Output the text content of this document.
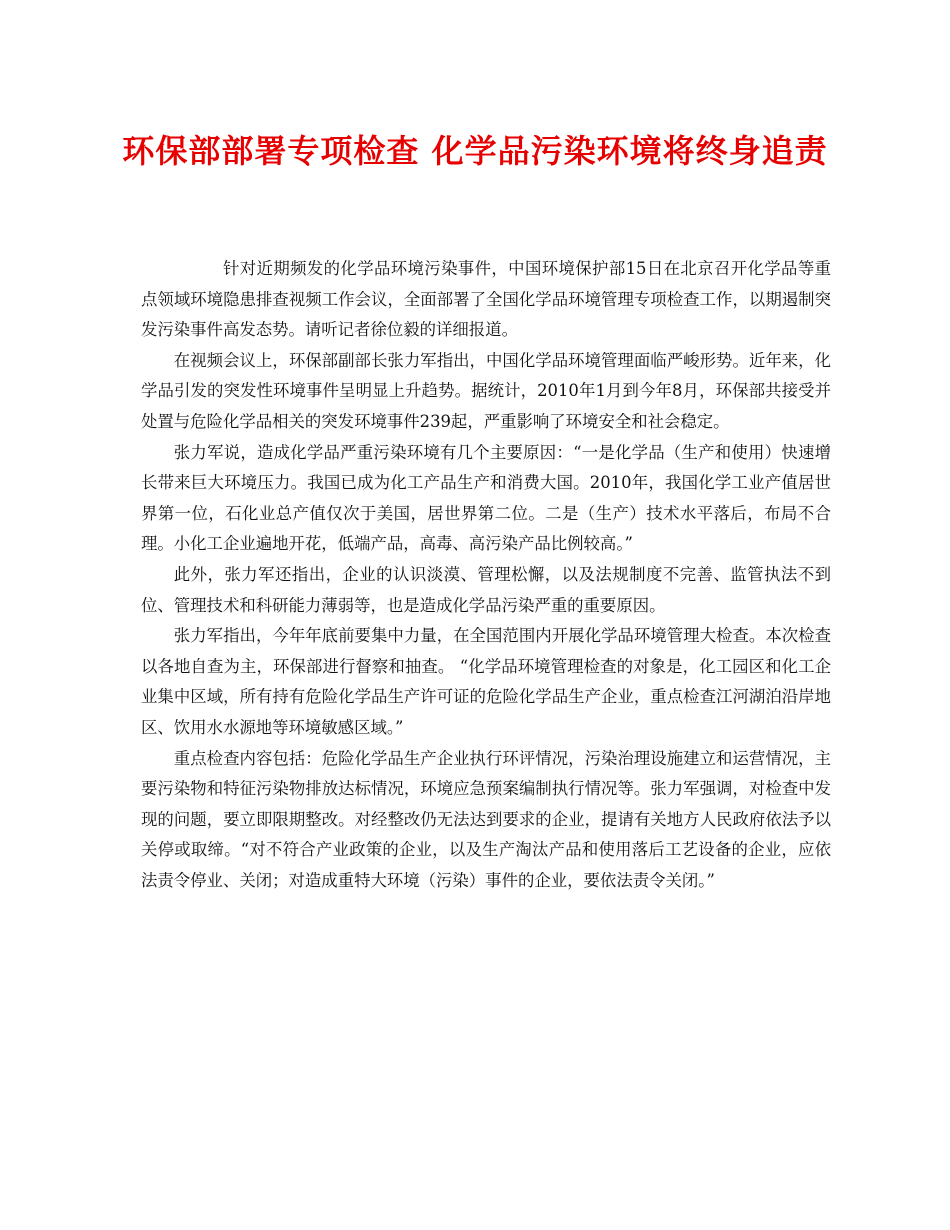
环保部部署专项检查 化学品污染环境将终身追责

针对近期频发的化学品环境污染事件，中国环境保护部15日在北京召开化学品等重点领域环境隐患排查视频工作会议，全面部署了全国化学品环境管理专项检查工作，以期遏制突发污染事件高发态势。请听记者徐位毅的详细报道。

在视频会议上，环保部副部长张力军指出，中国化学品环境管理面临严峻形势。近年来，化学品引发的突发性环境事件呈明显上升趋势。据统计，2010年1月到今年8月，环保部共接受并处置与危险化学品相关的突发环境事件239起，严重影响了环境安全和社会稳定。

张力军说，造成化学品严重污染环境有几个主要原因：“一是化学品（生产和使用）快速增长带来巨大环境压力。我国已成为化工产品生产和消费大国。2010年，我国化学工业产值居世界第一位，石化业总产值仅次于美国，居世界第二位。二是（生产）技术水平落后，布局不合理。小化工企业遍地开花，低端产品，高毒、高污染产品比例较高。”

此外，张力军还指出，企业的认识淡漠、管理松懈，以及法规制度不完善、监管执法不到位、管理技术和科研能力薄弱等，也是造成化学品污染严重的重要原因。

张力军指出，今年年底前要集中力量，在全国范围内开展化学品环境管理大检查。本次检查以各地自查为主，环保部进行督察和抽查。 “化学品环境管理检查的对象是，化工园区和化工企业集中区域，所有持有危险化学品生产许可证的危险化学品生产企业，重点检查江河湖泊沿岸地区、饮用水水源地等环境敏感区域。”

重点检查内容包括：危险化学品生产企业执行环评情况，污染治理设施建立和运营情况，主要污染物和特征污染物排放达标情况，环境应急预案编制执行情况等。张力军强调，对检查中发现的问题，要立即限期整改。对经整改仍无法达到要求的企业，提请有关地方人民政府依法予以关停或取缔。“对不符合产业政策的企业，以及生产淘汰产品和使用落后工艺设备的企业，应依法责令停业、关闭；对造成重特大环境（污染）事件的企业，要依法责令关闭。”
